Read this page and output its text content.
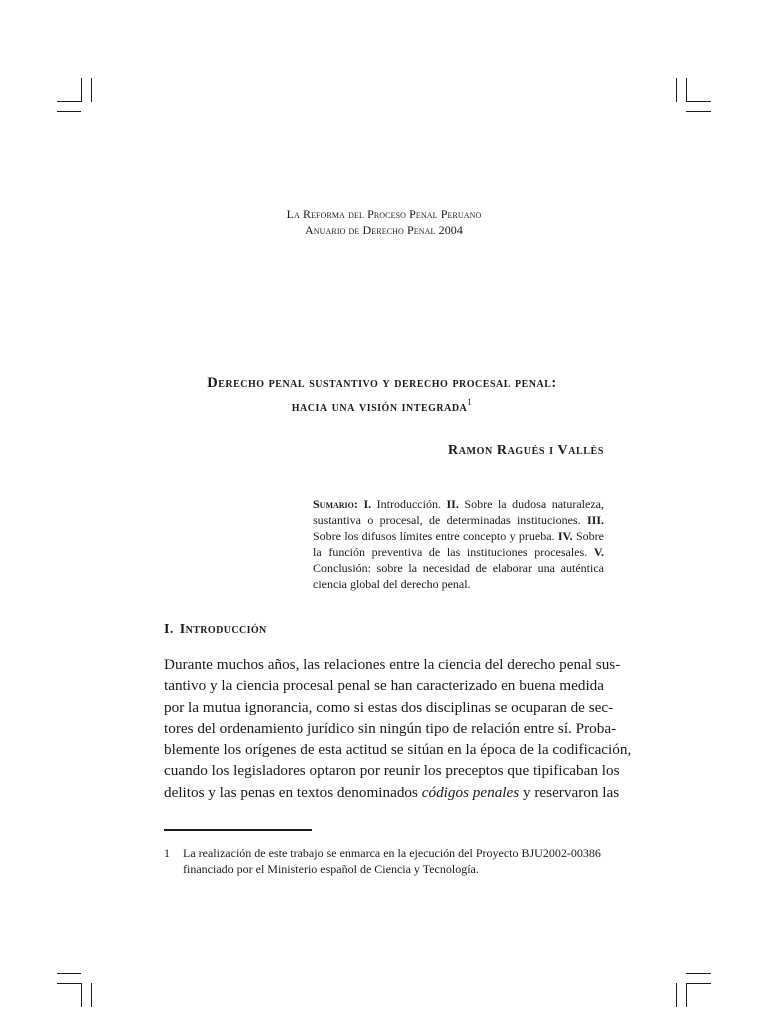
La Reforma del Proceso Penal Peruano
Anuario de Derecho Penal 2004
Derecho penal sustantivo y derecho procesal penal:
hacia una visión integrada$^1$
Ramon Ragués i Vallès
Sumario: I. Introducción. II. Sobre la dudosa naturaleza, sustantiva o procesal, de determinadas instituciones. III. Sobre los difusos límites entre concepto y prueba. IV. Sobre la función preventiva de las instituciones procesales. V. Conclusión: sobre la necesidad de elaborar una auténtica ciencia global del derecho penal.
I. Introducción
Durante muchos años, las relaciones entre la ciencia del derecho penal sus-
tantivo y la ciencia procesal penal se han caracterizado en buena medida
por la mutua ignorancia, como si estas dos disciplinas se ocuparan de sec-
tores del ordenamiento jurídico sin ningún tipo de relación entre sí. Proba-
blemente los orígenes de esta actitud se sitúan en la época de la codificación,
cuando los legisladores optaron por reunir los preceptos que tipificaban los
delitos y las penas en textos denominados códigos penales y reservaron las
1 La realización de este trabajo se enmarca en la ejecución del Proyecto BJU2002-00386
financiado por el Ministerio español de Ciencia y Tecnología.
